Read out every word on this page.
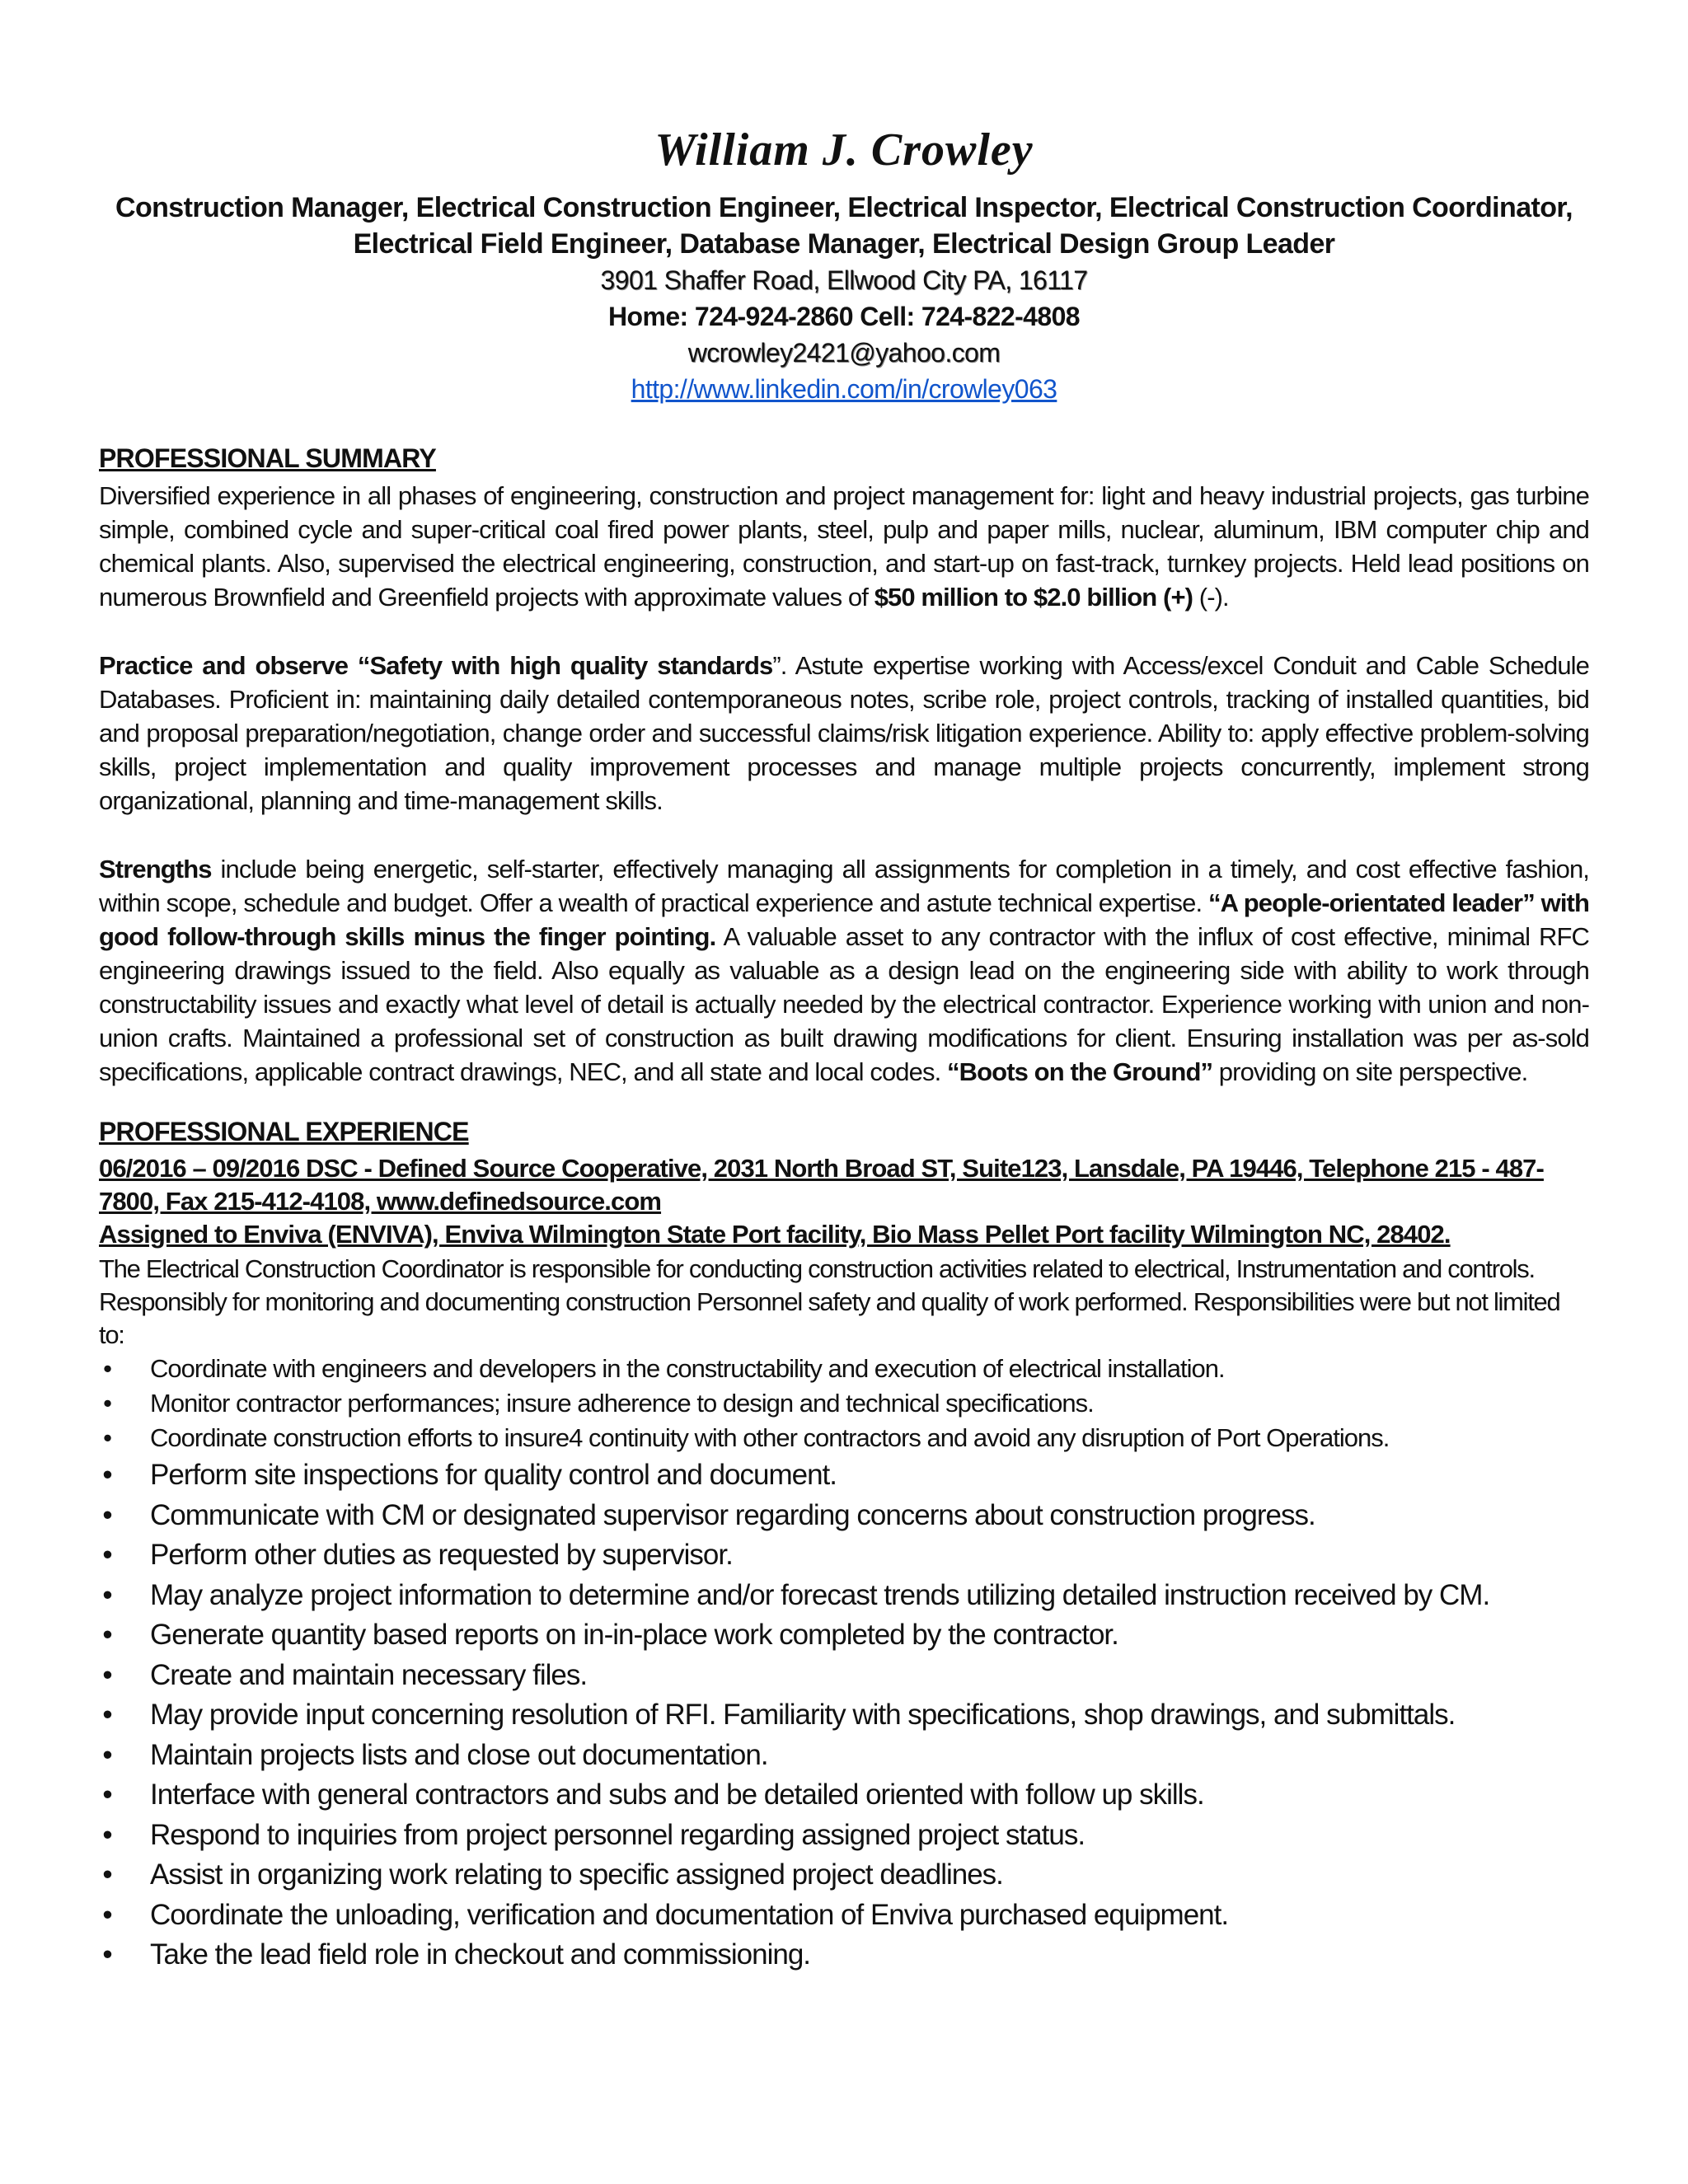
William J. Crowley
Construction Manager, Electrical Construction Engineer, Electrical Inspector, Electrical Construction Coordinator,
Electrical Field Engineer, Database Manager, Electrical Design Group Leader
3901 Shaffer Road, Ellwood City PA, 16117
Home: 724-924-2860 Cell: 724-822-4808
wcrowley2421@yahoo.com
http://www.linkedin.com/in/crowley063
PROFESSIONAL SUMMARY

Diversified experience in all phases of engineering, construction and project management for: light and heavy industrial projects, gas turbine simple, combined cycle and super-critical coal fired power plants, steel, pulp and paper mills, nuclear, aluminum, IBM computer chip and chemical plants. Also, supervised the electrical engineering, construction, and start-up on fast-track, turnkey projects. Held lead positions on numerous Brownfield and Greenfield projects with approximate values of $50 million to $2.0 billion (+) (-).

Practice and observe “Safety with high quality standards”. Astute expertise working with Access/excel Conduit and Cable Schedule Databases. Proficient in: maintaining daily detailed contemporaneous notes, scribe role, project controls, tracking of installed quantities, bid and proposal preparation/negotiation, change order and successful claims/risk litigation experience. Ability to: apply effective problem-solving skills, project implementation and quality improvement processes and manage multiple projects concurrently, implement strong organizational, planning and time-management skills.

Strengths include being energetic, self-starter, effectively managing all assignments for completion in a timely, and cost effective fashion, within scope, schedule and budget. Offer a wealth of practical experience and astute technical expertise. “A people-orientated leader” with good follow-through skills minus the finger pointing. A valuable asset to any contractor with the influx of cost effective, minimal RFC engineering drawings issued to the field. Also equally as valuable as a design lead on the engineering side with ability to work through constructability issues and exactly what level of detail is actually needed by the electrical contractor. Experience working with union and non-union crafts. Maintained a professional set of construction as built drawing modifications for client. Ensuring installation was per as-sold specifications, applicable contract drawings, NEC, and all state and local codes. “Boots on the Ground” providing on site perspective.

PROFESSIONAL EXPERIENCE

06/2016 – 09/2016 DSC - Defined Source Cooperative, 2031 North Broad ST, Suite123, Lansdale, PA 19446, Telephone 215 - 487-7800, Fax 215-412-4108, www.definedsource.com

Assigned to Enviva (ENVIVA), Enviva Wilmington State Port facility, Bio Mass Pellet Port facility Wilmington NC, 28402.

The Electrical Construction Coordinator is responsible for conducting construction activities related to electrical, Instrumentation and controls. Responsibly for monitoring and documenting construction Personnel safety and quality of work performed. Responsibilities were but not limited to:

• Coordinate with engineers and developers in the constructability and execution of electrical installation.
• Monitor contractor performances; insure adherence to design and technical specifications.
• Coordinate construction efforts to insure4 continuity with other contractors and avoid any disruption of Port Operations.
• Perform site inspections for quality control and document.
• Communicate with CM or designated supervisor regarding concerns about construction progress.
• Perform other duties as requested by supervisor.
• May analyze project information to determine and/or forecast trends utilizing detailed instruction received by CM.
• Generate quantity based reports on in-in-place work completed by the contractor.
• Create and maintain necessary files.
• May provide input concerning resolution of RFI. Familiarity with specifications, shop drawings, and submittals.
• Maintain projects lists and close out documentation.
• Interface with general contractors and subs and be detailed oriented with follow up skills.
• Respond to inquiries from project personnel regarding assigned project status.
• Assist in organizing work relating to specific assigned project deadlines.
• Coordinate the unloading, verification and documentation of Enviva purchased equipment.
• Take the lead field role in checkout and commissioning.
